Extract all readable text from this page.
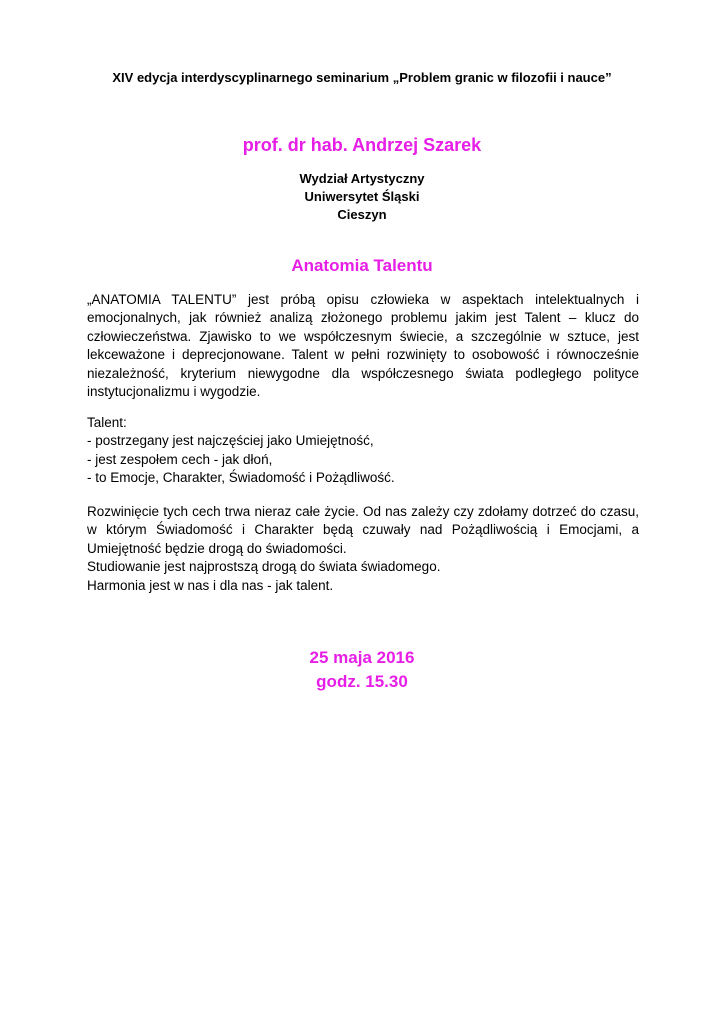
XIV edycja interdyscyplinarnego seminarium „Problem granic w filozofii i nauce”
prof. dr hab. Andrzej Szarek
Wydział Artystyczny
Uniwersytet Śląski
Cieszyn
Anatomia Talentu
„ANATOMIA TALENTU” jest próbą opisu człowieka w aspektach intelektualnych i emocjonalnych, jak również analizą złożonego problemu jakim jest Talent – klucz do człowieczeństwa. Zjawisko to we współczesnym świecie, a szczególnie w sztuce, jest lekceważone i deprecjonowane. Talent w pełni rozwinięty to osobowość i równocześnie niezależność, kryterium niewygodne dla współczesnego świata podległego polityce instytucjonalizmu i wygodzie.
Talent:
- postrzegany jest najczęściej jako Umiejętność,
- jest zespołem cech - jak dłoń,
- to Emocje, Charakter, Świadomość i Pożądliwość.

Rozwinięcie tych cech trwa nieraz całe życie. Od nas zależy czy zdołamy dotrzeć do czasu, w którym Świadomość i Charakter będą czuwały nad Pożądliwością i Emocjami, a Umiejętność będzie drogą do świadomości.

Studiowanie jest najprostszą drogą do świata świadomego.

Harmonia jest w nas i dla nas - jak talent.

25 maja 2016
godz. 15.30
